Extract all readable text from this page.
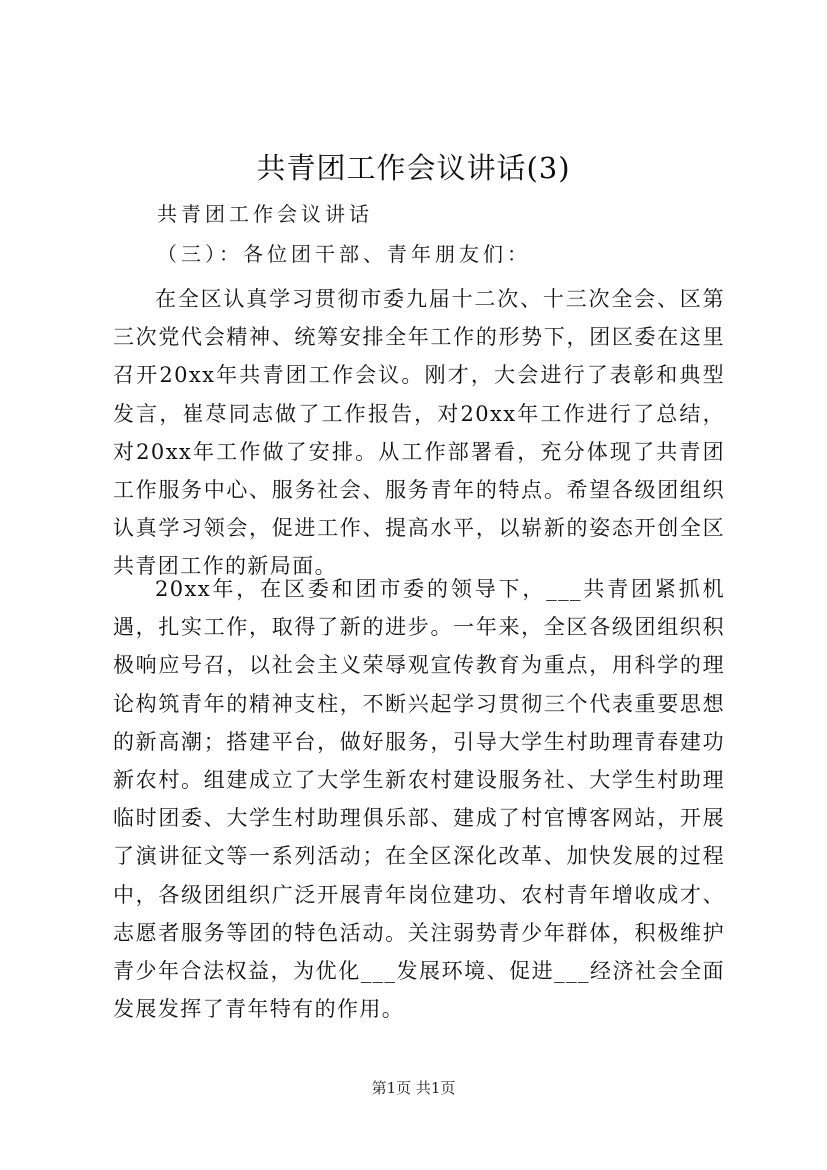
共青团工作会议讲话(3)
共青团工作会议讲话
（三）：各位团干部、青年朋友们：

在全区认真学习贯彻市委九届十二次、十三次全会、区第三次党代会精神、统筹安排全年工作的形势下，团区委在这里召开20xx年共青团工作会议。刚才，大会进行了表彰和典型发言，崔荩同志做了工作报告，对20xx年工作进行了总结，对20xx年工作做了安排。从工作部署看，充分体现了共青团工作服务中心、服务社会、服务青年的特点。希望各级团组织认真学习领会，促进工作、提高水平，以崭新的姿态开创全区共青团工作的新局面。

20xx年，在区委和团市委的领导下，___共青团紧抓机遇，扎实工作，取得了新的进步。一年来，全区各级团组织积极响应号召，以社会主义荣辱观宣传教育为重点，用科学的理论构筑青年的精神支柱，不断兴起学习贯彻三个代表重要思想的新高潮；搭建平台，做好服务，引导大学生村助理青春建功新农村。组建成立了大学生新农村建设服务社、大学生村助理临时团委、大学生村助理俱乐部、建成了村官博客网站，开展了演讲征文等一系列活动；在全区深化改革、加快发展的过程中，各级团组织广泛开展青年岗位建功、农村青年增收成才、志愿者服务等团的特色活动。关注弱势青少年群体，积极维护青少年合法权益，为优化___发展环境、促进___经济社会全面发展发挥了青年特有的作用。

第1页 共1页
